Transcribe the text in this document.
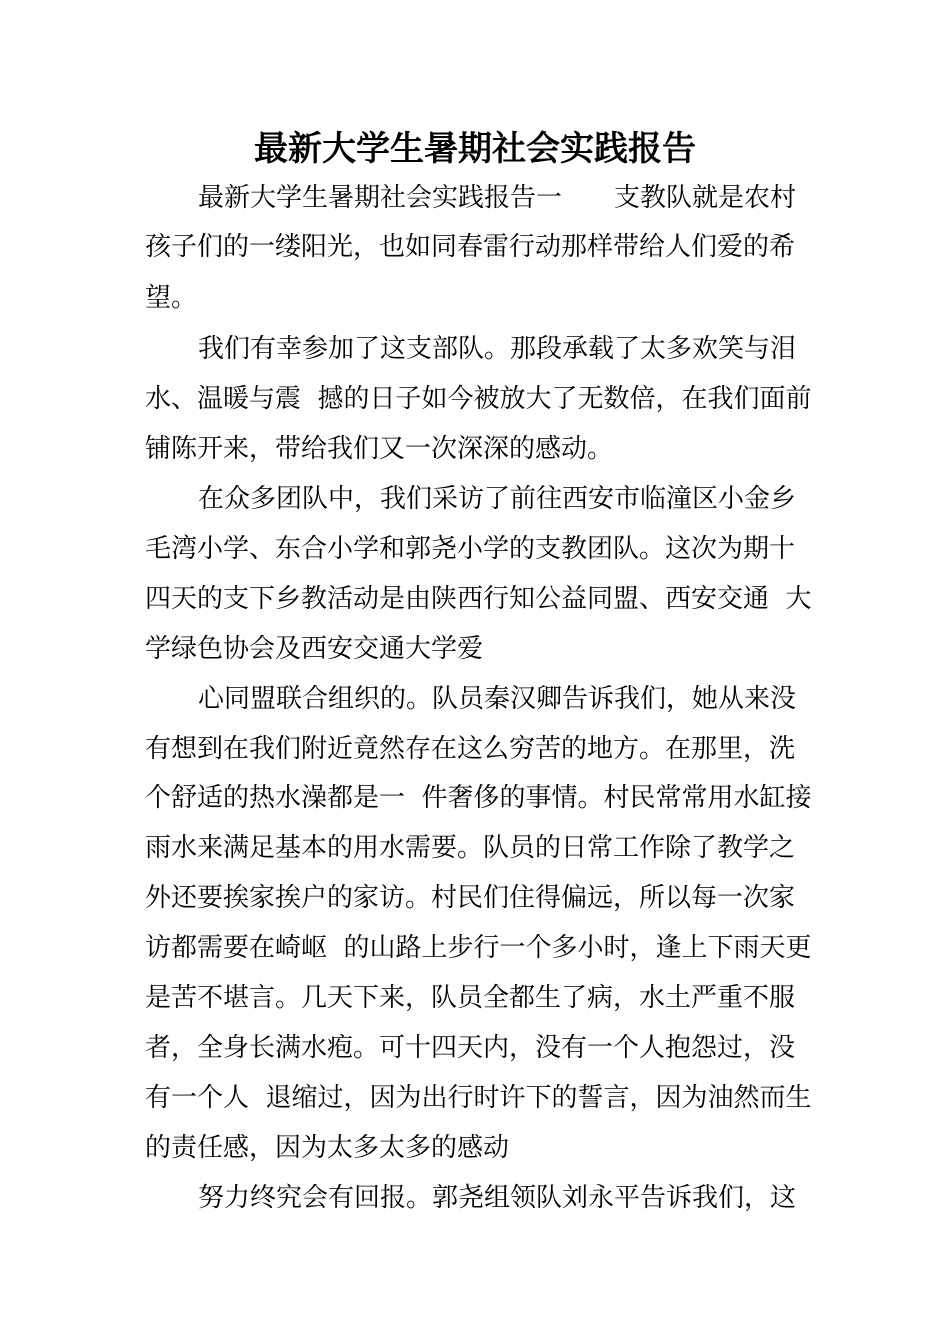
最新大学生暑期社会实践报告
最新大学生暑期社会实践报告一　　支教队就是农村
孩子们的一缕阳光，也如同春雷行动那样带给人们爱的希
望。
我们有幸参加了这支部队。那段承载了太多欢笑与泪
水、温暖与震  撼的日子如今被放大了无数倍，在我们面前
铺陈开来，带给我们又一次深深的感动。
在众多团队中，我们采访了前往西安市临潼区小金乡
毛湾小学、东合小学和郭尧小学的支教团队。这次为期十
四天的支下乡教活动是由陕西行知公益同盟、西安交通  大
学绿色协会及西安交通大学爱
心同盟联合组织的。队员秦汉卿告诉我们，她从来没
有想到在我们附近竟然存在这么穷苦的地方。在那里，洗
个舒适的热水澡都是一  件奢侈的事情。村民常常用水缸接
雨水来满足基本的用水需要。队员的日常工作除了教学之
外还要挨家挨户的家访。村民们住得偏远，所以每一次家
访都需要在崎岖  的山路上步行一个多小时，逢上下雨天更
是苦不堪言。几天下来，队员全都生了病，水土严重不服
者，全身长满水疱。可十四天内，没有一个人抱怨过，没
有一个人  退缩过，因为出行时许下的誓言，因为油然而生
的责任感，因为太多太多的感动
努力终究会有回报。郭尧组领队刘永平告诉我们，这
